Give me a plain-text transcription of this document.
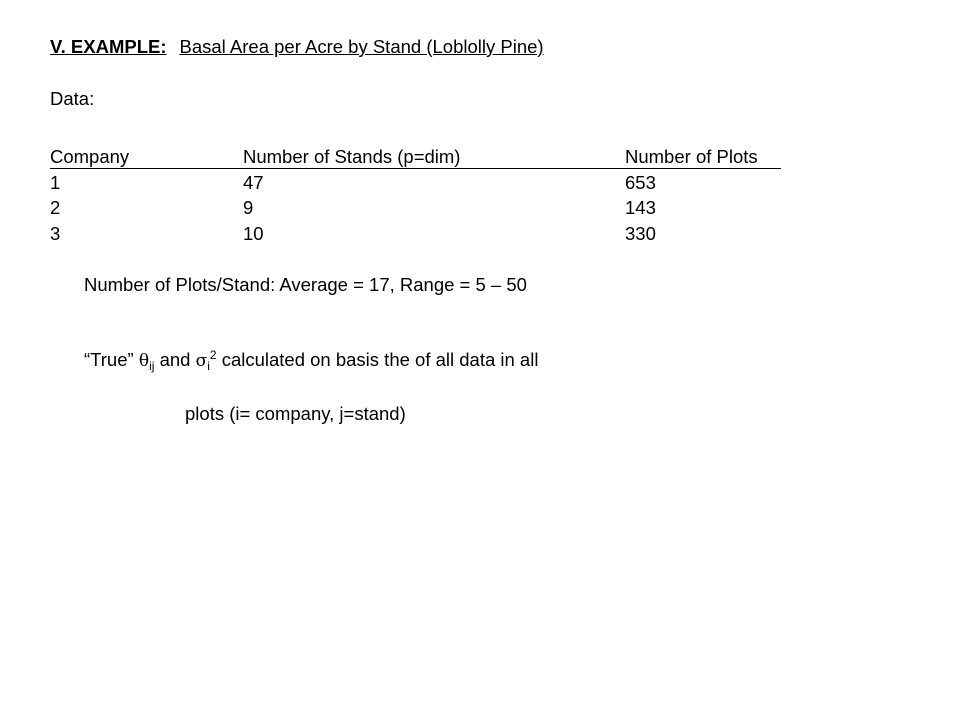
V. EXAMPLE: Basal Area per Acre by Stand (Loblolly Pine)
Data:
Company	Number of Stands (p=dim)	Number of Plots
1	47	653
2	9	143
3	10	330
Number of Plots/Stand: Average = 17, Range = 5 – 50
“True” $\theta_{ij}$ and $\sigma_i^2$ calculated on basis the of all data in all
plots (i= company, j=stand)
